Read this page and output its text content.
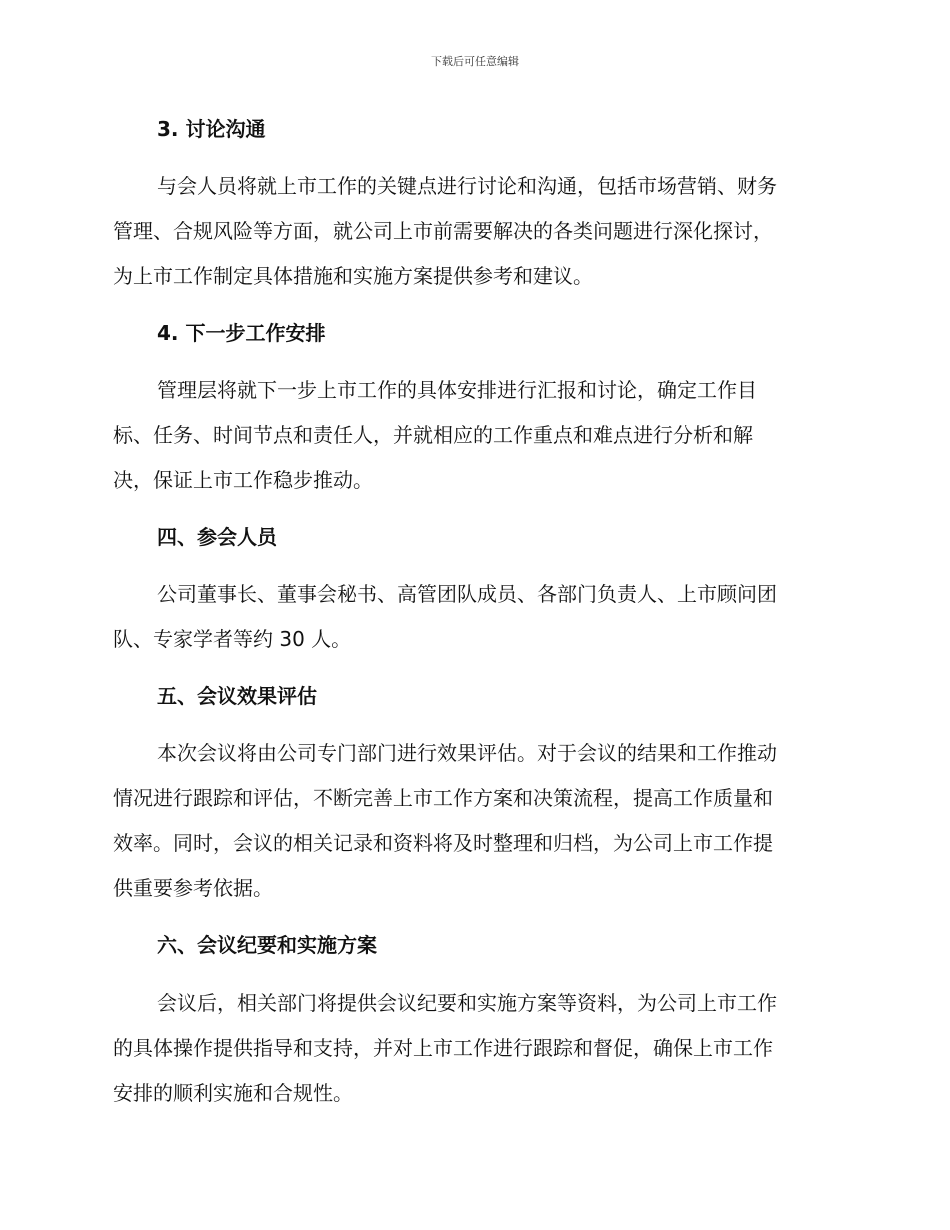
下载后可任意编辑
3. 讨论沟通
与会人员将就上市工作的关键点进行讨论和沟通，包括市场营销、财务
管理、合规风险等方面，就公司上市前需要解决的各类问题进行深化探讨，
为上市工作制定具体措施和实施方案提供参考和建议。
4. 下一步工作安排
管理层将就下一步上市工作的具体安排进行汇报和讨论，确定工作目
标、任务、时间节点和责任人，并就相应的工作重点和难点进行分析和解
决，保证上市工作稳步推动。
四、参会人员
公司董事长、董事会秘书、高管团队成员、各部门负责人、上市顾问团
队、专家学者等约 30 人。
五、会议效果评估
本次会议将由公司专门部门进行效果评估。对于会议的结果和工作推动
情况进行跟踪和评估，不断完善上市工作方案和决策流程，提高工作质量和
效率。同时，会议的相关记录和资料将及时整理和归档，为公司上市工作提
供重要参考依据。
六、会议纪要和实施方案
会议后，相关部门将提供会议纪要和实施方案等资料，为公司上市工作
的具体操作提供指导和支持，并对上市工作进行跟踪和督促，确保上市工作
安排的顺利实施和合规性。
